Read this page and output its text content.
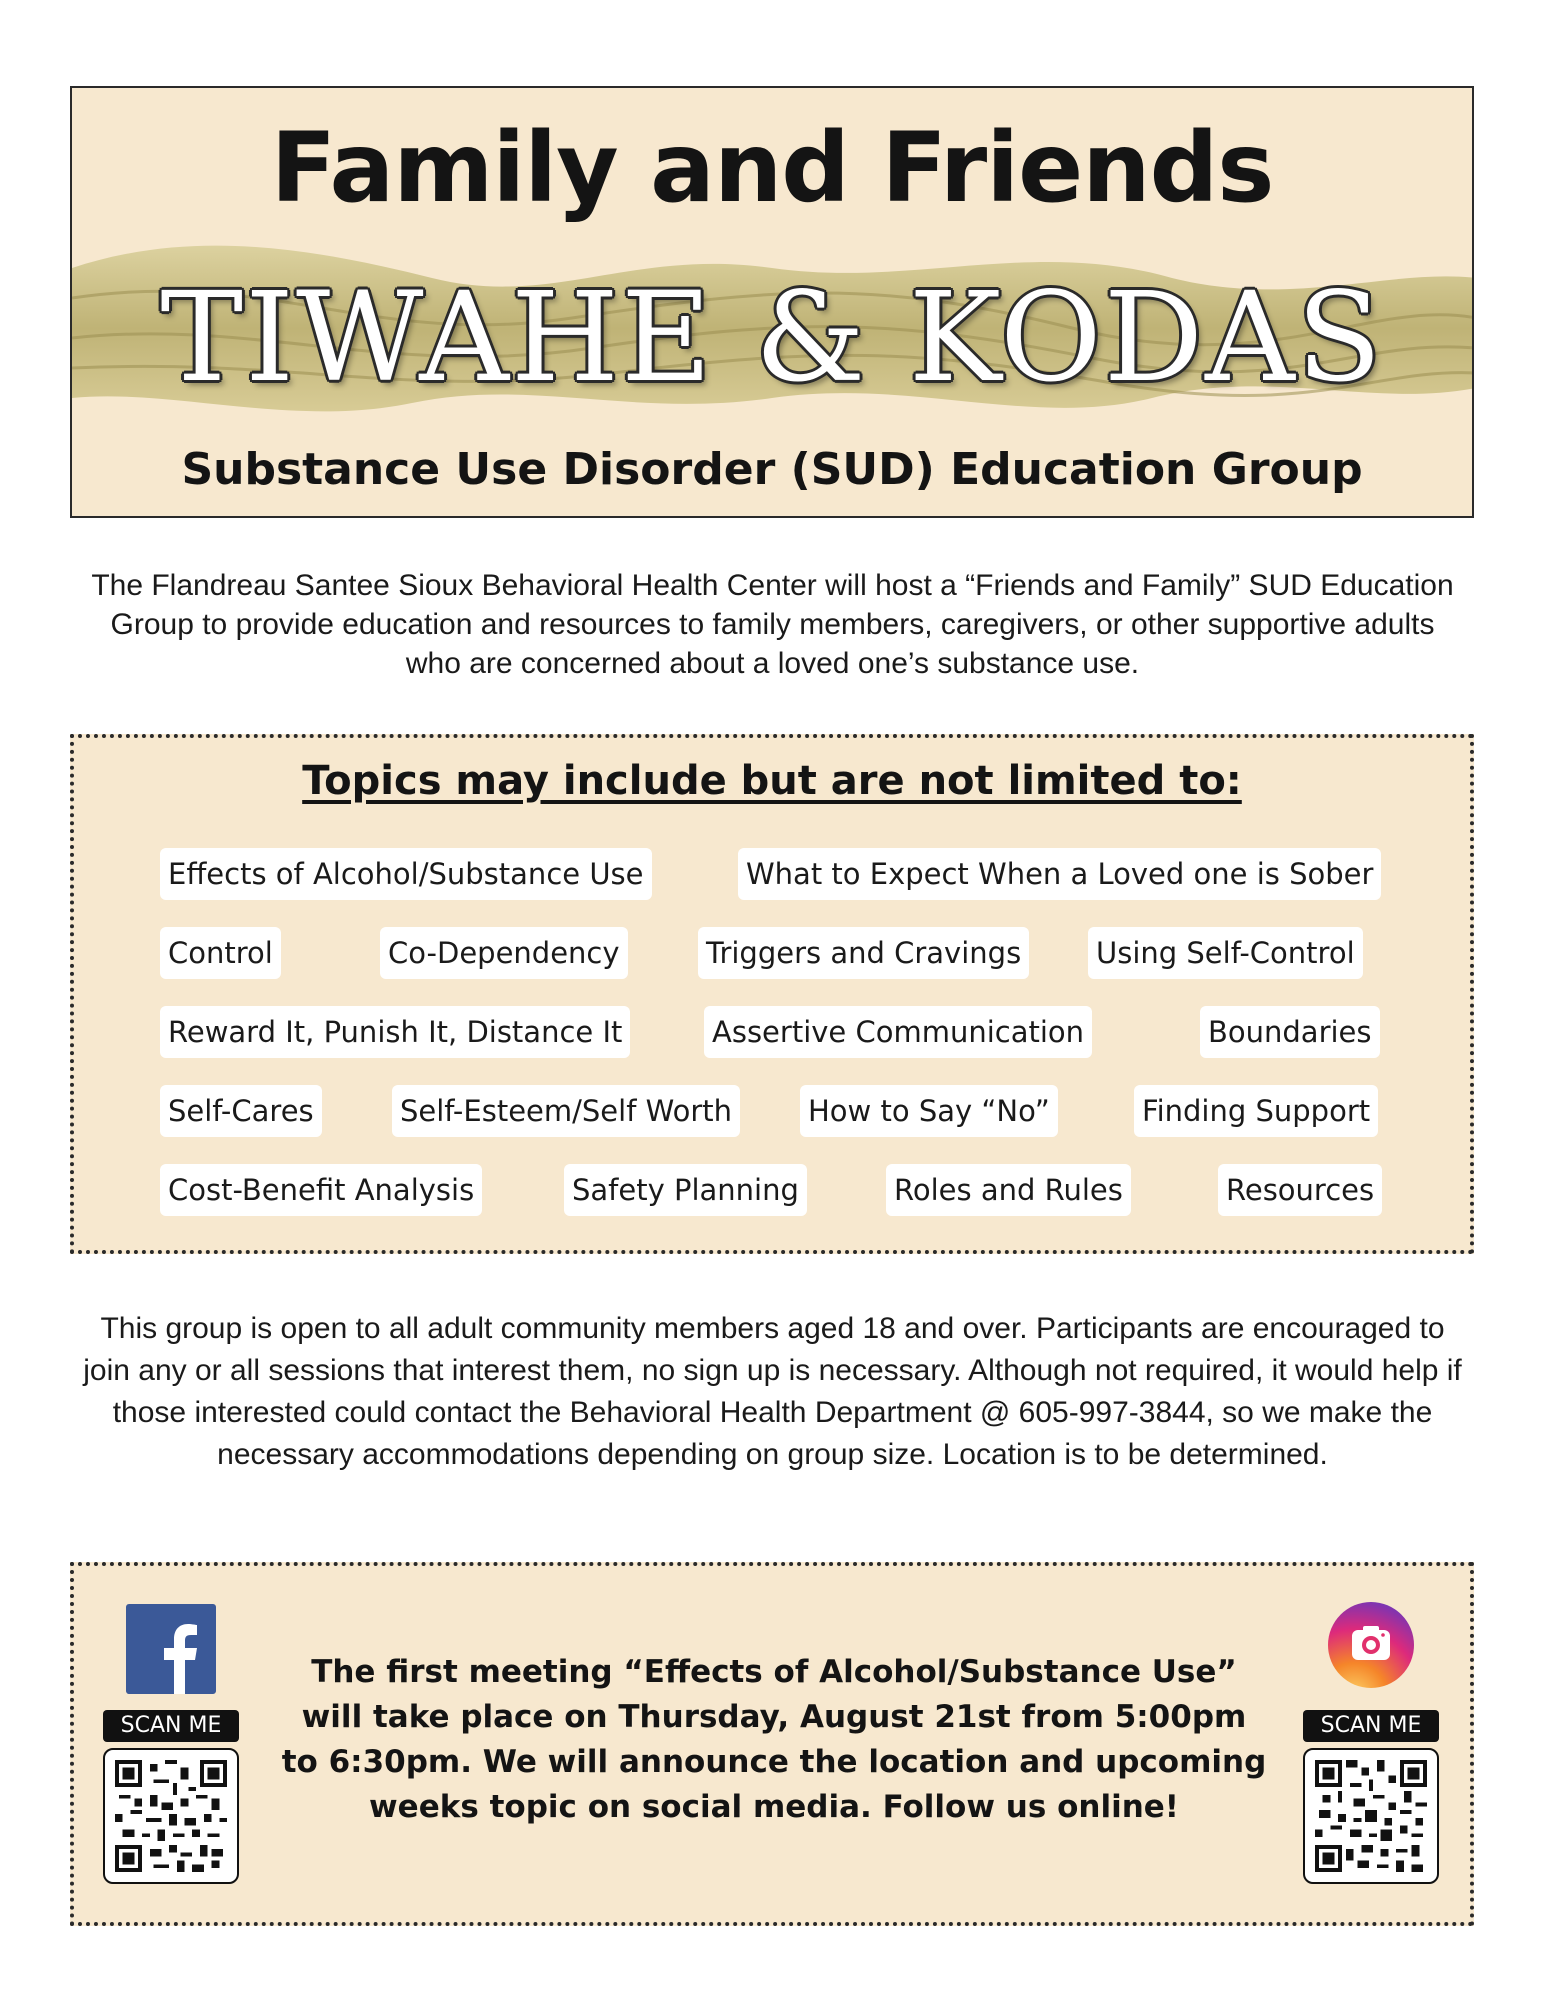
Family and Friends
TIWAHE & KODAS
Substance Use Disorder (SUD) Education Group

The Flandreau Santee Sioux Behavioral Health Center will host a “Friends and Family” SUD Education Group to provide education and resources to family members, caregivers, or other supportive adults who are concerned about a loved one’s substance use.

Topics may include but are not limited to:
Effects of Alcohol/Substance Use	What to Expect When a Loved one is Sober
Control	Co-Dependency	Triggers and Cravings	Using Self-Control
Reward It, Punish It, Distance It	Assertive Communication	Boundaries
Self-Cares	Self-Esteem/Self Worth	How to Say “No”	Finding Support
Cost-Benefit Analysis	Safety Planning	Roles and Rules	Resources

This group is open to all adult community members aged 18 and over. Participants are encouraged to join any or all sessions that interest them, no sign up is necessary. Although not required, it would help if those interested could contact the Behavioral Health Department @ 605-997-3844, so we make the necessary accommodations depending on group size. Location is to be determined.

SCAN ME
The first meeting “Effects of Alcohol/Substance Use” will take place on Thursday, August 21st from 5:00pm to 6:30pm. We will announce the location and upcoming weeks topic on social media. Follow us online!
SCAN ME
